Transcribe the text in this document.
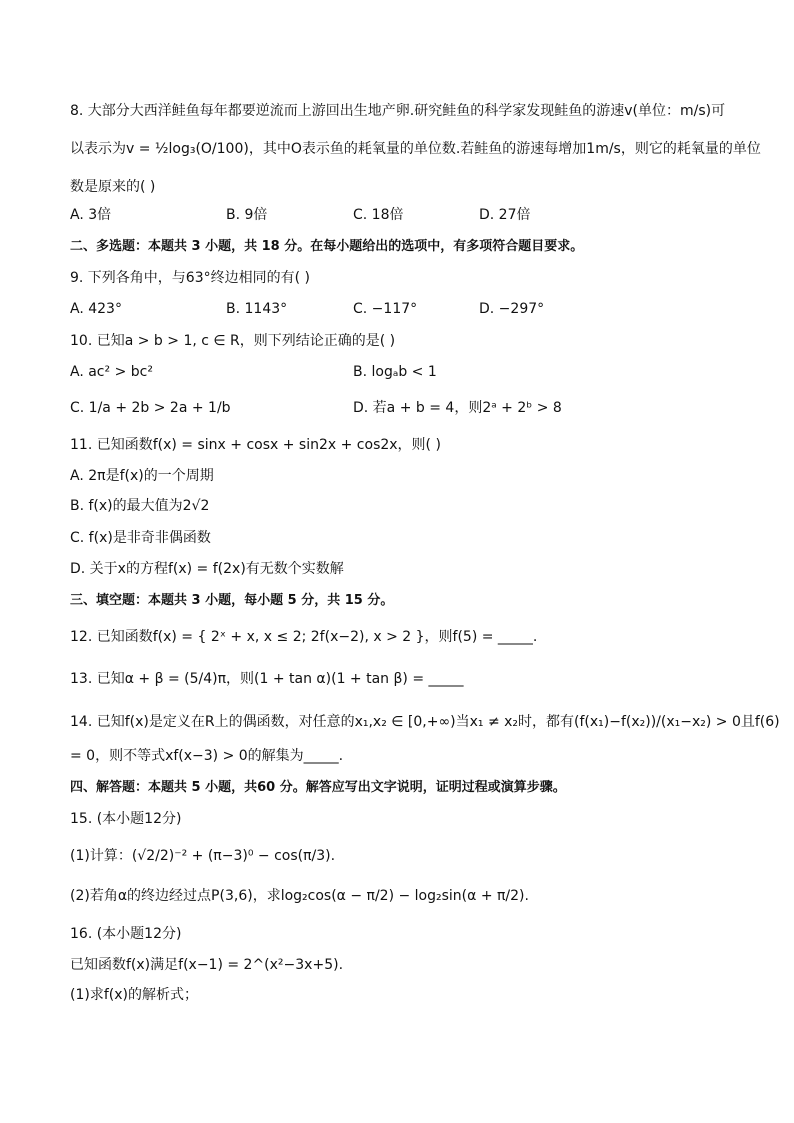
8. 大部分大西洋鲑鱼每年都要逆流而上游回出生地产卵.研究鲑鱼的科学家发现鲑鱼的游速v(单位：m/s)可
以表示为v = ½log₃(O/100)，其中O表示鱼的耗氧量的单位数.若鲑鱼的游速每增加1m/s，则它的耗氧量的单位
数是原来的( )
A. 3倍	B. 9倍	C. 18倍	D. 27倍
二、多选题：本题共 3 小题，共 18 分。在每小题给出的选项中，有多项符合题目要求。
9. 下列各角中，与63°终边相同的有( )
A. 423°	B. 1143°	C. −117°	D. −297°
10. 已知a > b > 1, c ∈ R，则下列结论正确的是( )
A. ac² > bc²	B. logₐb < 1
C. 1/a + 2b > 2a + 1/b	D. 若a + b = 4，则2ᵃ + 2ᵇ > 8
11. 已知函数f(x) = sinx + cosx + sin2x + cos2x，则( )
A. 2π是f(x)的一个周期
B. f(x)的最大值为2√2
C. f(x)是非奇非偶函数
D. 关于x的方程f(x) = f(2x)有无数个实数解
三、填空题：本题共 3 小题，每小题 5 分，共 15 分。
12. 已知函数f(x) = { 2ˣ + x, x ≤ 2; 2f(x−2), x > 2 }，则f(5) = _____.
13. 已知α + β = (5/4)π，则(1 + tan α)(1 + tan β) = _____
14. 已知f(x)是定义在R上的偶函数，对任意的x₁,x₂ ∈ [0,+∞)当x₁ ≠ x₂时，都有(f(x₁)−f(x₂))/(x₁−x₂) > 0且f(6)
= 0，则不等式xf(x−3) > 0的解集为_____.
四、解答题：本题共 5 小题，共60 分。解答应写出文字说明，证明过程或演算步骤。
15. (本小题12分)
(1)计算：(√2/2)⁻² + (π−3)⁰ − cos(π/3).
(2)若角α的终边经过点P(3,6)，求log₂cos(α − π/2) − log₂sin(α + π/2).
16. (本小题12分)
已知函数f(x)满足f(x−1) = 2^(x²−3x+5).
(1)求f(x)的解析式；
